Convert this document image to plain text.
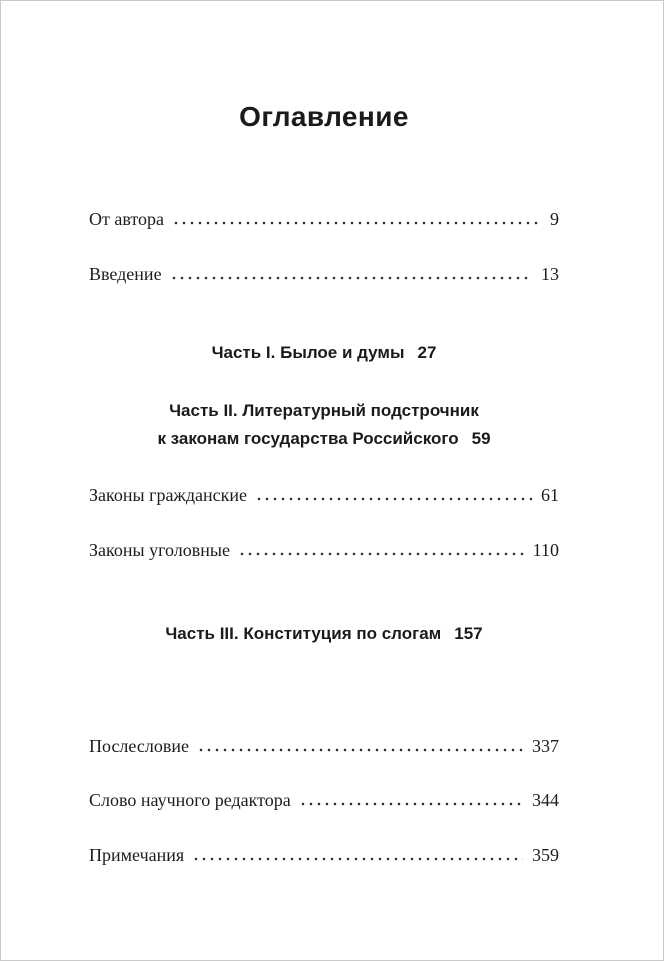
Оглавление
От автора	9
Введение	13
Часть I. Былое и думы 27
Часть II. Литературный подстрочник
к законам государства Российского 59
Законы гражданские	61
Законы уголовные	110
Часть III. Конституция по слогам 157
Послесловие	337
Слово научного редактора	344
Примечания	359
